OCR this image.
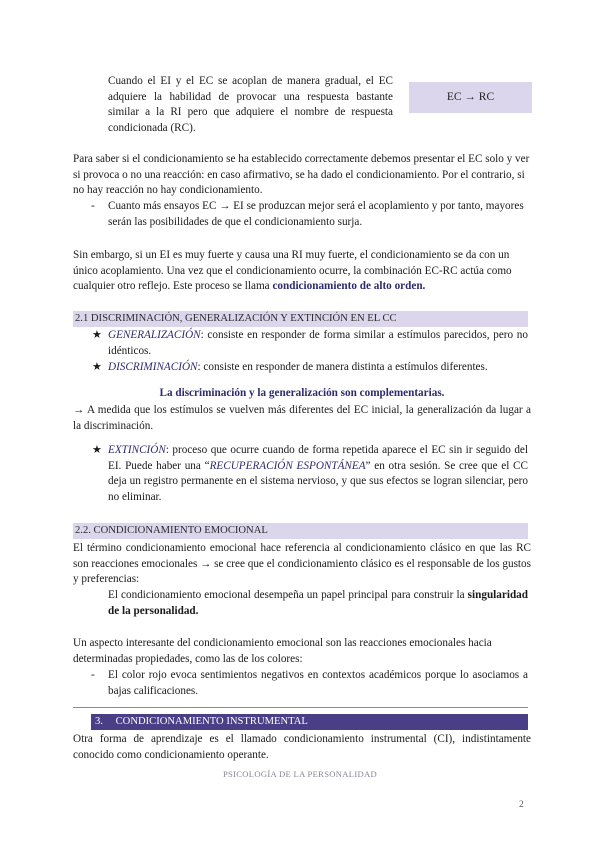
Cuando el EI y el EC se acoplan de manera gradual, el EC adquiere la habilidad de provocar una respuesta bastante similar a la RI pero que adquiere el nombre de respuesta condicionada (RC).
EC → RC
Para saber si el condicionamiento se ha establecido correctamente debemos presentar el EC solo y ver si provoca o no una reacción: en caso afirmativo, se ha dado el condicionamiento. Por el contrario, si no hay reacción no hay condicionamiento.
- Cuanto más ensayos EC → EI se produzcan mejor será el acoplamiento y por tanto, mayores serán las posibilidades de que el condicionamiento surja.
Sin embargo, si un EI es muy fuerte y causa una RI muy fuerte, el condicionamiento se da con un único acoplamiento. Una vez que el condicionamiento ocurre, la combinación EC-RC actúa como cualquier otro reflejo. Este proceso se llama condicionamiento de alto orden.
2.1 DISCRIMINACIÓN, GENERALIZACIÓN Y EXTINCIÓN EN EL CC
★ GENERALIZACIÓN: consiste en responder de forma similar a estímulos parecidos, pero no idénticos.
★ DISCRIMINACIÓN: consiste en responder de manera distinta a estímulos diferentes.
La discriminación y la generalización son complementarias.
→ A medida que los estímulos se vuelven más diferentes del EC inicial, la generalización da lugar a la discriminación.
★ EXTINCIÓN: proceso que ocurre cuando de forma repetida aparece el EC sin ir seguido del EI. Puede haber una “RECUPERACIÓN ESPONTÁNEA” en otra sesión. Se cree que el CC deja un registro permanente en el sistema nervioso, y que sus efectos se logran silenciar, pero no eliminar.
2.2. CONDICIONAMIENTO EMOCIONAL
El término condicionamiento emocional hace referencia al condicionamiento clásico en que las RC son reacciones emocionales → se cree que el condicionamiento clásico es el responsable de los gustos y preferencias:
El condicionamiento emocional desempeña un papel principal para construir la singularidad de la personalidad.
Un aspecto interesante del condicionamiento emocional son las reacciones emocionales hacia determinadas propiedades, como las de los colores:
- El color rojo evoca sentimientos negativos en contextos académicos porque lo asociamos a bajas calificaciones.
3. CONDICIONAMIENTO INSTRUMENTAL
Otra forma de aprendizaje es el llamado condicionamiento instrumental (CI), indistintamente conocido como condicionamiento operante.
PSICOLOGÍA DE LA PERSONALIDAD
2
